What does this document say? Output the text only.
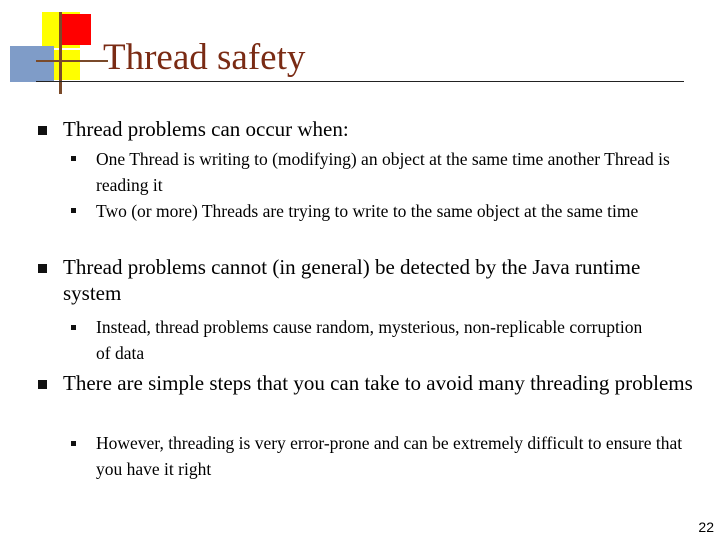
Thread safety
Thread problems can occur when:
One Thread is writing to (modifying) an object at the same time another Thread is reading it
Two (or more) Threads are trying to write to the same object at the same time
Thread problems cannot (in general) be detected by the Java runtime system
Instead, thread problems cause random, mysterious, non-replicable corruption of data
There are simple steps that you can take to avoid many threading problems
However, threading is very error-prone and can be extremely difficult to ensure that you have it right
22
